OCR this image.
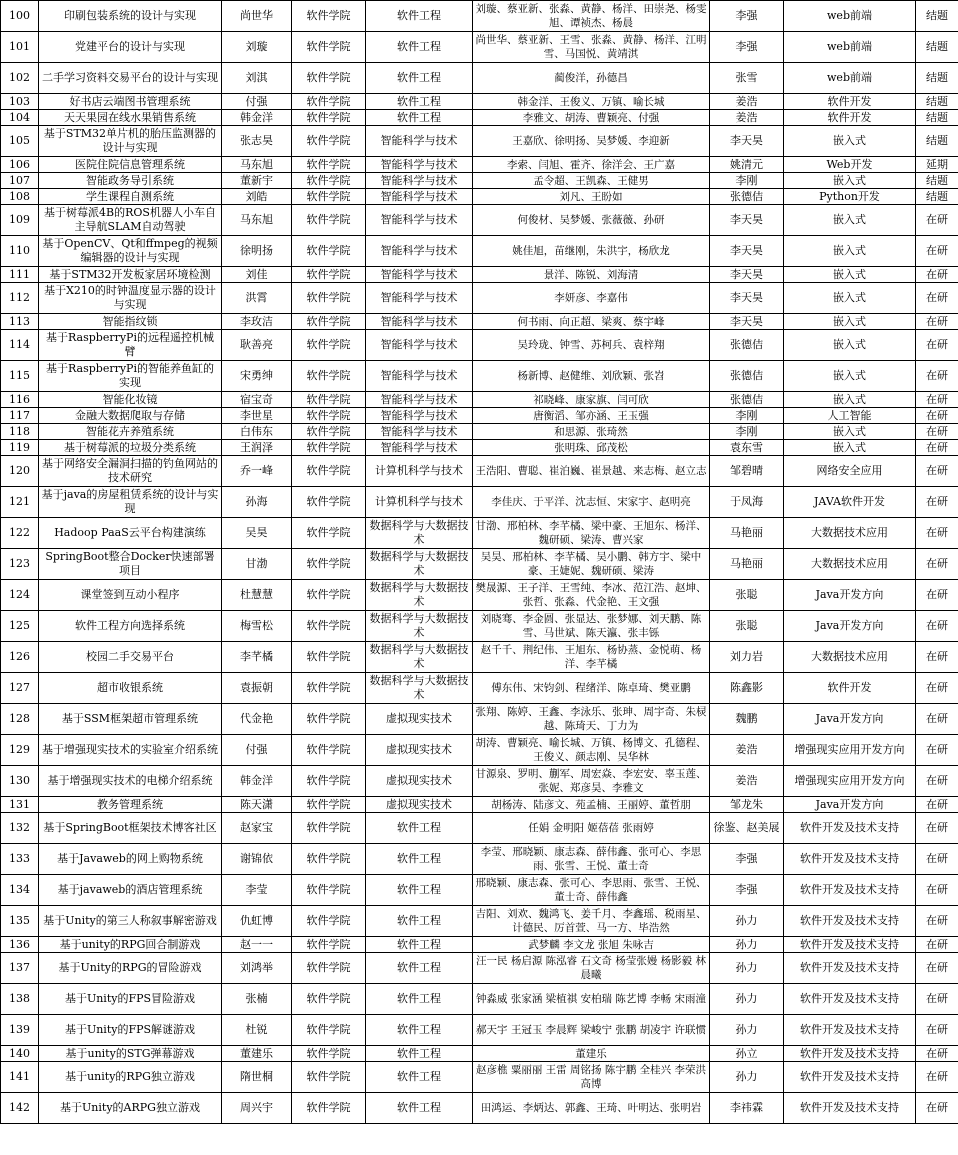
100	印刷包装系统的设计与实现	尚世华	软件学院	软件工程	刘璇、蔡亚新、张淼、黄静、杨洋、田崇尧、杨雯旭、谭祯杰、杨晨	李强	web前端	结题
101	党建平台的设计与实现	刘璇	软件学院	软件工程	尚世华、蔡亚新、王雪、张淼、黄静、杨洋、江明雪、马国悦、黄靖淇	李强	web前端	结题
102	二手学习资料交易平台的设计与实现	刘淇	软件学院	软件工程	蔺俊洋，孙德昌	张雪	web前端	结题
103	好书店云端图书管理系统	付强	软件学院	软件工程	韩金洋、王俊义、万镇、喻长城	姜浩	软件开发	结题
104	天天果园在线水果销售系统	韩金洋	软件学院	软件工程	李雅文、胡涛、曹颖亮、付强	姜浩	软件开发	结题
105	基于STM32单片机的胎压监测器的设计与实现	张志昊	软件学院	智能科学与技术	王嘉欣、徐明扬、吴梦媛、李迎新	李天昊	嵌入式	结题
106	医院住院信息管理系统	马东旭	软件学院	智能科学与技术	李索、闫旭、霍齐、徐洋会、王广嘉	姚清元	Web开发	延期
107	智能政务导引系统	董新宇	软件学院	智能科学与技术	孟令超、王凯森、王健男	李刚	嵌入式	结题
108	学生课程自测系统	刘皓	软件学院	智能科学与技术	刘凡、王盼如	张德佶	Python开发	结题
109	基于树莓派4B的ROS机器人小车自主导航SLAM自动驾驶	马东旭	软件学院	智能科学与技术	何俊材、吴梦媛、张薇薇、孙研	李天昊	嵌入式	在研
110	基于OpenCV、Qt和ffmpeg的视频编辑器的设计与实现	徐明扬	软件学院	智能科学与技术	姚佳旭，苗继刚，朱洪宇，杨欣龙	李天昊	嵌入式	在研
111	基于STM32开发板家居环境检测	刘佳	软件学院	智能科学与技术	景洋、陈锐、刘海清	李天昊	嵌入式	在研
112	基于X210的时钟温度显示器的设计与实现	洪霄	软件学院	智能科学与技术	李妍彦、李嘉伟	李天昊	嵌入式	在研
113	智能指纹锁	李玫洁	软件学院	智能科学与技术	何书雨、向正超、梁爽、蔡宇峰	李天昊	嵌入式	在研
114	基于RaspberryPi的远程遥控机械臂	耿善亮	软件学院	智能科学与技术	吴玲珑、钟雪、苏柯兵、袁梓翔	张德佶	嵌入式	在研
115	基于RaspberryPi的智能养鱼缸的实现	宋勇绅	软件学院	智能科学与技术	杨新博、赵健维、刘欣颖、张岧	张德佶	嵌入式	在研
116	智能化妆镜	宿宝奇	软件学院	智能科学与技术	祁晓峰、康家旗、闫可欣	张德佶	嵌入式	在研
117	金融大数据爬取与存储	李世星	软件学院	智能科学与技术	唐衡滔、邹亦涵、王玉强	李刚	人工智能	在研
118	智能花卉养殖系统	白伟东	软件学院	智能科学与技术	和思源、张琦然	李刚	嵌入式	在研
119	基于树莓派的垃圾分类系统	王润泽	软件学院	智能科学与技术	张明珠、邱茂松	袁东雪	嵌入式	在研
120	基于网络安全漏洞扫描的钓鱼网站的技术研究	乔一峰	软件学院	计算机科学与技术	王浩阳、曹聪、崔泊巍、崔景越、来志梅、赵立志	邹碧晴	网络安全应用	在研
121	基于java的房屋租赁系统的设计与实现	孙海	软件学院	计算机科学与技术	李佳庆、于平洋、沈志恒、宋家宇、赵明亮	于凤海	JAVA软件开发	在研
122	Hadoop PaaS云平台构建演练	吴昊	软件学院	数据科学与大数据技术	甘渤、邢柏林、李芊橘、梁中豪、王旭东、杨洋、魏研硕、梁涛、曹兴家	马艳丽	大数据技术应用	在研
123	SpringBoot整合Docker快速部署项目	甘渤	软件学院	数据科学与大数据技术	吴昊、邢柏林、李芊橘、吴小鹏、韩方宇、梁中豪、王婕妮、魏研硕、梁涛	马艳丽	大数据技术应用	在研
124	课堂签到互动小程序	杜慧慧	软件学院	数据科学与大数据技术	樊晟源、王子洋、王雪纯、李冰、范江浩、赵坤、张哲、张淼、代金艳、王文强	张聪	Java开发方向	在研
125	软件工程方向选择系统	梅雪松	软件学院	数据科学与大数据技术	刘晓骞、李金圆、张显达、张梦娜、刘天鹏、陈雪、马世斌、陈天瀛、张丰铄	张聪	Java开发方向	在研
126	校园二手交易平台	李芊橘	软件学院	数据科学与大数据技术	赵千千、荆纪伟、王旭东、杨协蒸、金悦萌、杨洋、李芊橘	刘力岩	大数据技术应用	在研
127	超市收银系统	袁振朝	软件学院	数据科学与大数据技术	傅东伟、宋钧剑、程绪洋、陈卓琦、樊亚鹏	陈鑫影	软件开发	在研
128	基于SSM框架超市管理系统	代金艳	软件学院	虚拟现实技术	张翔、陈婷、王鑫、李泳乐、张珅、周宇奇、朱棂越、陈琦天、丁力为	魏鹏	Java开发方向	在研
129	基于增强现实技术的实验室介绍系统	付强	软件学院	虚拟现实技术	胡涛、曹颖亮、喻长城、万镇、杨博文、孔德程、王俊义、颜志刚、吴华林	姜浩	增强现实应用开发方向	在研
130	基于增强现实技术的电梯介绍系统	韩金洋	软件学院	虚拟现实技术	甘源泉、罗明、蒯军、周宏焱、李宏安、辜玉莲、张妮、郑彦昊、李雅文	姜浩	增强现实应用开发方向	在研
131	教务管理系统	陈天潇	软件学院	虚拟现实技术	胡杨涛、陆彦文、苑孟楠、王丽婷、董哲朋	邹龙朱	Java开发方向	在研
132	基于SpringBoot框架技术博客社区	赵家宝	软件学院	软件工程	任娟 金明阳 姬蓓蓓 张雨婷	徐鉴、赵美展	软件开发及技术支持	在研
133	基于Javaweb的网上购物系统	谢锦依	软件学院	软件工程	李莹、邢晓颖、康志森、薛伟鑫、张可心、李思雨、张雪、王悦、董士奇	李强	软件开发及技术支持	在研
134	基于javaweb的酒店管理系统	李莹	软件学院	软件工程	邢晓颖、康志森、张可心、李思雨、张雪、王悦、董士奇、薛伟鑫	李强	软件开发及技术支持	在研
135	基于Unity的第三人称叙事解密游戏	仇虹博	软件学院	软件工程	吉阳、刘欢、魏鸿飞、姜千月、李鑫瑶、税雨星、计德民、厉首萱、马一方、毕浩然	孙力	软件开发及技术支持	在研
136	基于unity的RPG回合制游戏	赵一一	软件学院	软件工程	武梦麟 李文龙 张旭 朱咏吉	孙力	软件开发及技术支持	在研
137	基于Unity的RPG的冒险游戏	刘鸿举	软件学院	软件工程	汪一民 杨启源 陈泓睿 石文奇 杨莹张嫚 杨影毅 林晨曦	孙力	软件开发及技术支持	在研
138	基于Unity的FPS冒险游戏	张楠	软件学院	软件工程	钟淼威 张家涵 梁植祺 安柏瑞 陈艺博 李畅 宋雨潼	孙力	软件开发及技术支持	在研
139	基于Unity的FPS解谜游戏	杜锐	软件学院	软件工程	郝天宇 王冠玉 李晨辉 梁峻宁 张鹏 胡凌宇 许联惯	孙力	软件开发及技术支持	在研
140	基于unity的STG弹幕游戏	董建乐	软件学院	软件工程	董建乐	孙立	软件开发及技术支持	在研
141	基于unity的RPG独立游戏	隋世桐	软件学院	软件工程	赵彦樵 粟丽丽 王雷 周铭扬 陈宇鹏 全桂兴 李荣洪 高博	孙力	软件开发及技术支持	在研
142	基于Unity的ARPG独立游戏	周兴宇	软件学院	软件工程	田鸿运、李炳达、郭鑫、王琦、叶明达、张明岩	李祎霖	软件开发及技术支持	在研
